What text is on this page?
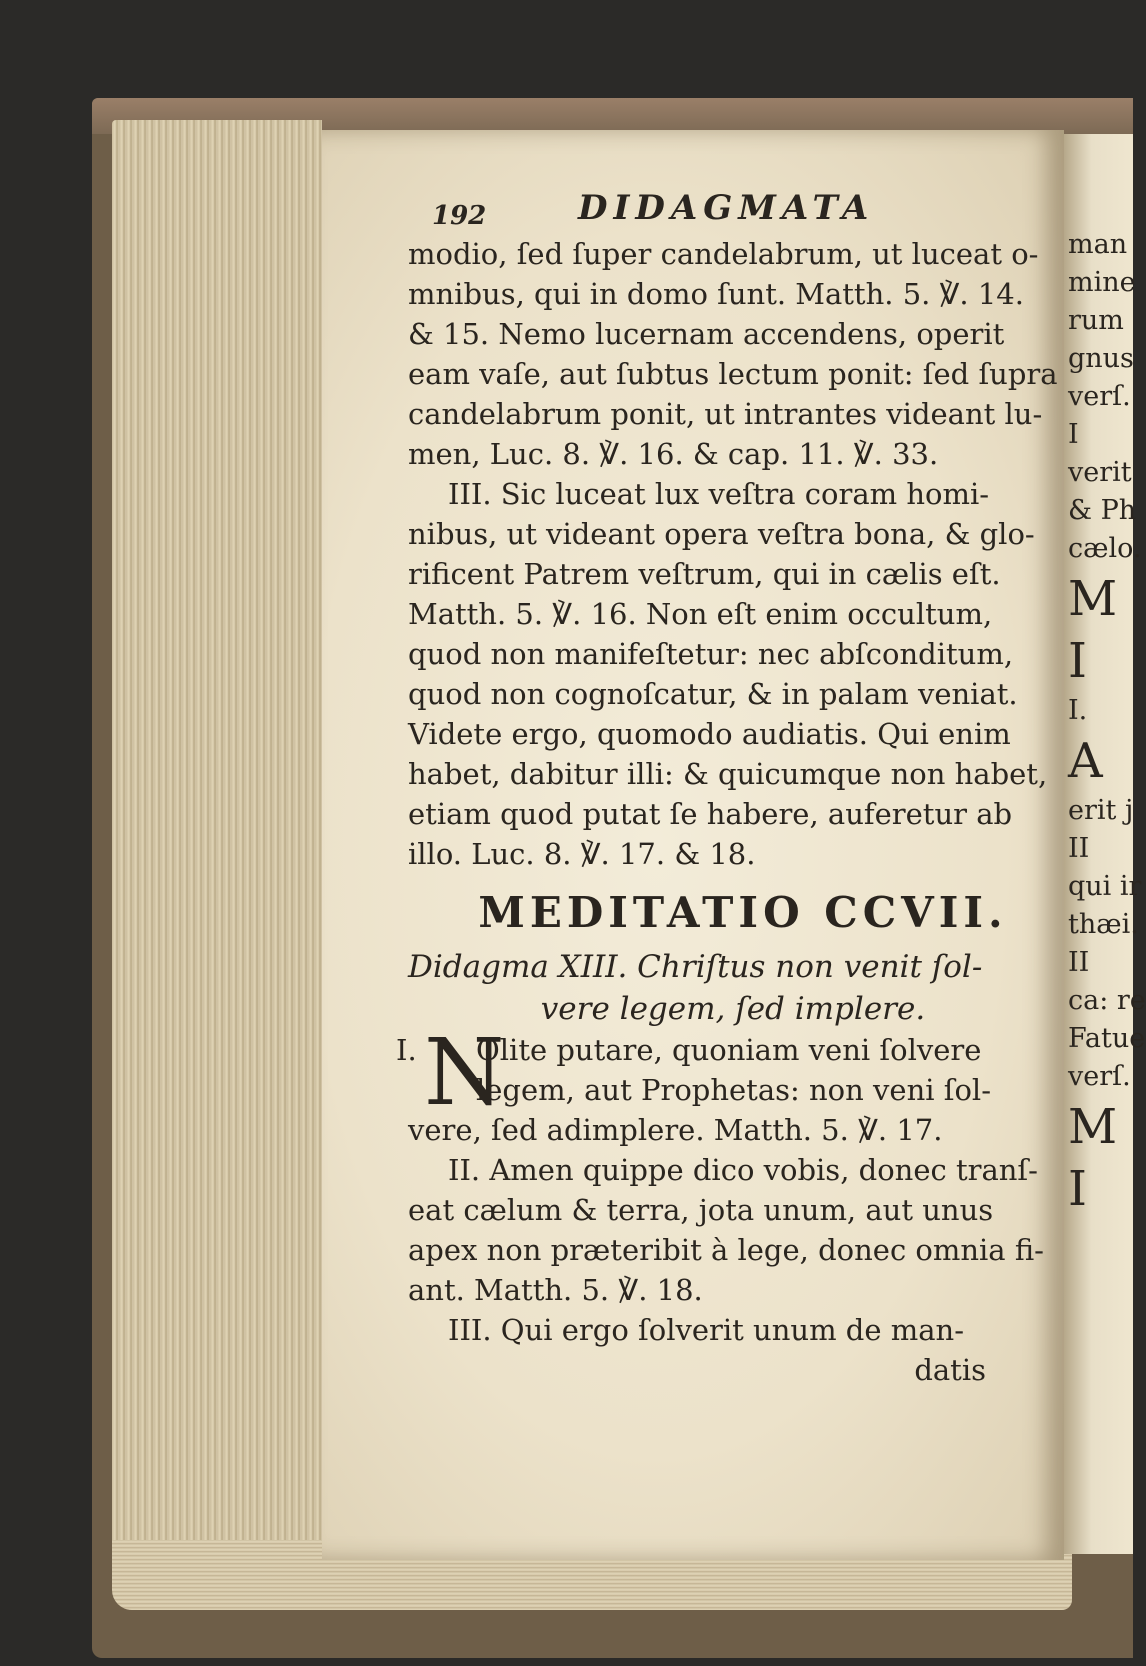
192	DIDAGMATA
modio, ſed ſuper candelabrum, ut luceat o-
mnibus, qui in domo ſunt. Matth. 5. ℣. 14.
& 15. Nemo lucernam accendens, operit
eam vaſe, aut ſubtus lectum ponit: ſed ſupra
candelabrum ponit, ut intrantes videant lu-
men, Luc. 8. ℣. 16. & cap. 11. ℣. 33.
III. Sic luceat lux veſtra coram homi-
nibus, ut videant opera veſtra bona, & glo-
rificent Patrem veſtrum, qui in cælis eſt.
Matth. 5. ℣. 16. Non eſt enim occultum,
quod non manifeſtetur: nec abſconditum,
quod non cognoſcatur, & in palam veniat.
Videte ergo, quomodo audiatis. Qui enim
habet, dabitur illi: & quicumque non habet,
etiam quod putat ſe habere, auferetur ab
illo. Luc. 8. ℣. 17. & 18.
MEDITATIO CCVII.
Didagma XIII. Chriſtus non venit ſol-
vere legem, ſed implere.
I. N
Olite putare, quoniam veni ſolvere
legem, aut Prophetas: non veni ſol-
vere, ſed adimplere. Matth. 5. ℣. 17.
II. Amen quippe dico vobis, donec tranſ-
eat cælum & terra, jota unum, aut unus
apex non præteribit à lege, donec omnia fi-
ant. Matth. 5. ℣. 18.
III. Qui ergo ſolverit unum de man-
datis
man
mine
rum
gnus
verſ.
I
verit
& Ph
cælo.
M
I
I.
A
erit j
II
qui ir
thæi.
II
ca: re
Fatue
verſ.
M
I
